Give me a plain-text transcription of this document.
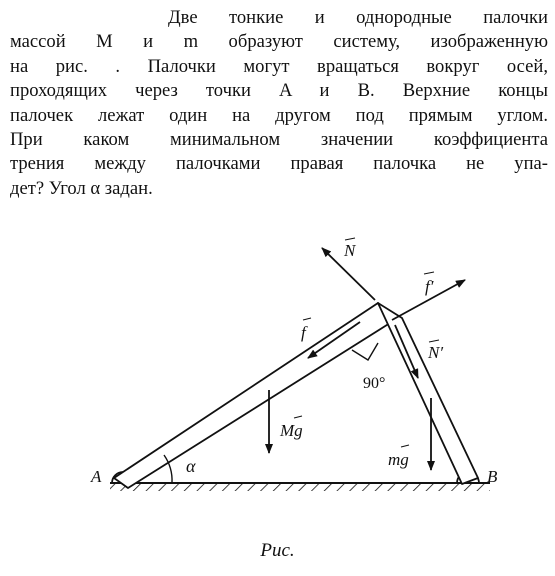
Две тонкие и однородные палочки
массой M и m образуют систему, изображенную
на рис. . Палочки могут вращаться вокруг осей,
проходящих через точки A и B. Верхние концы
палочек лежат один на другом под прямым углом.
При каком минимальном значении коэффициента
трения между палочками правая палочка не упа-
дет? Угол α задан.
A	B
α
90°
N
f′
f
N′
Mg
mg
Рис.
